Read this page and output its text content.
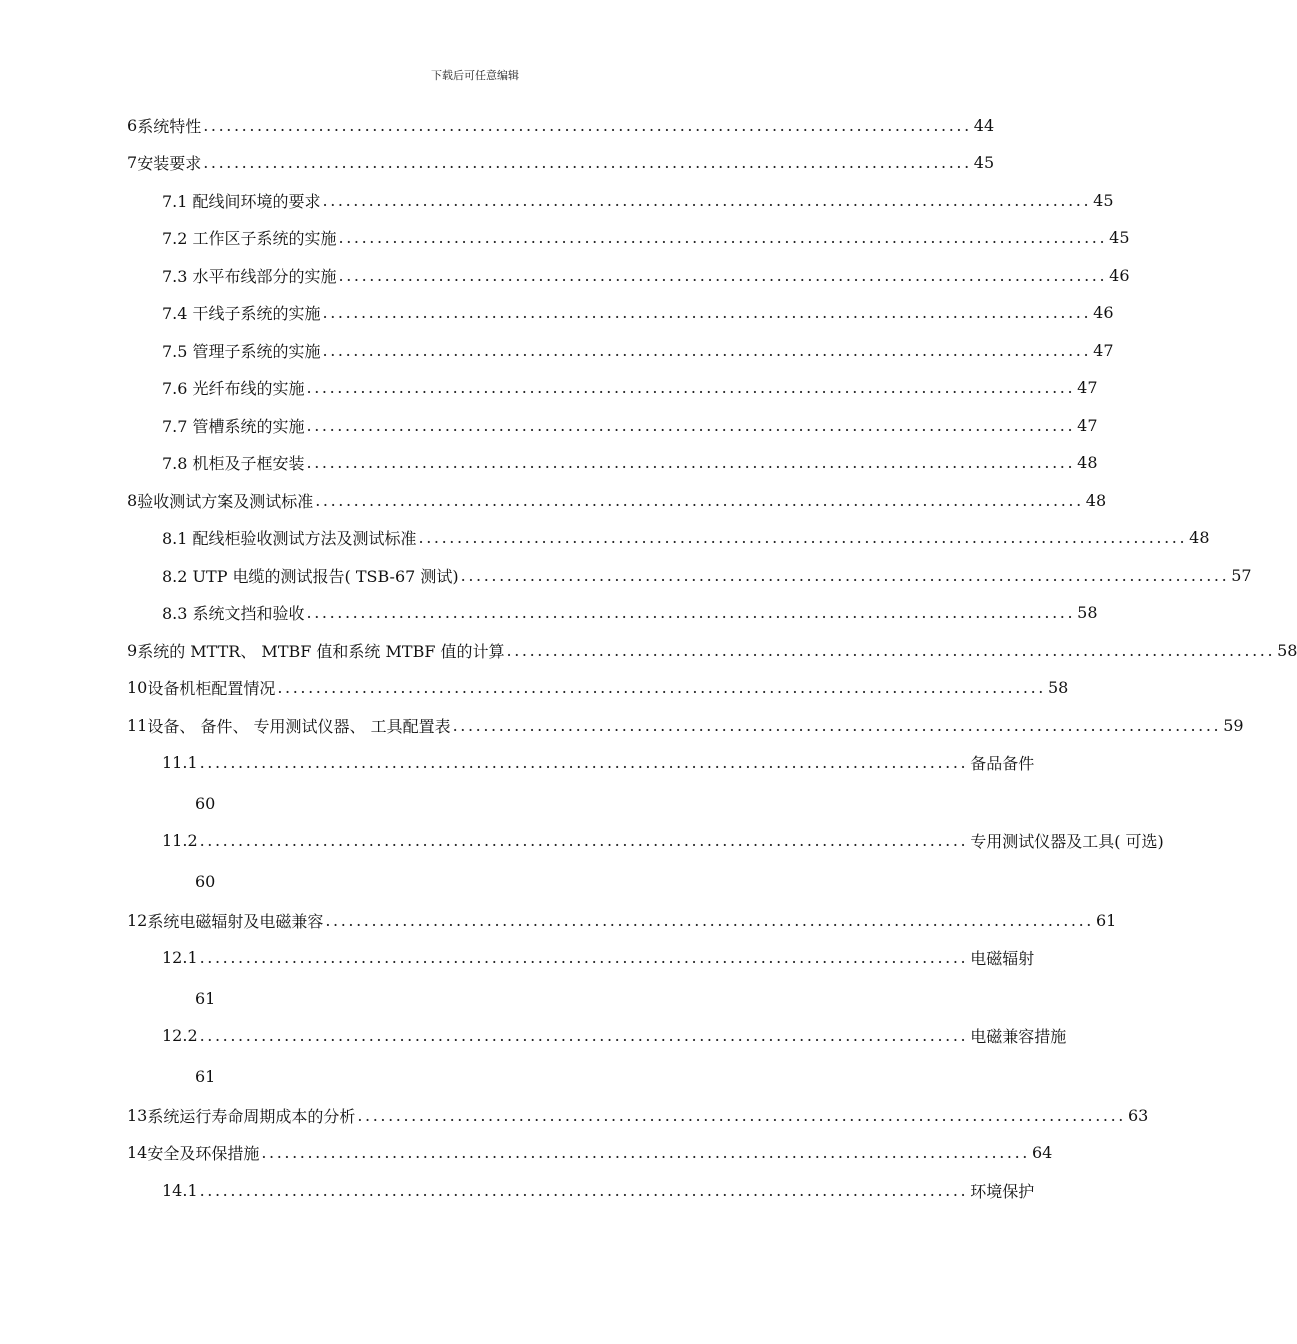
下载后可任意编辑
6 系统特性 .................................................................................................... 44
7 安装要求 .................................................................................................... 45
7.1 配线间环境的要求 .................................................................................................... 45
7.2 工作区子系统的实施 .................................................................................................... 45
7.3 水平布线部分的实施 .................................................................................................... 46
7.4 干线子系统的实施 .................................................................................................... 46
7.5 管理子系统的实施 .................................................................................................... 47
7.6 光纤布线的实施 .................................................................................................... 47
7.7 管槽系统的实施 .................................................................................................... 47
7.8 机柜及子框安装 .................................................................................................... 48
8 验收测试方案及测试标准 .................................................................................................... 48
8.1 配线柜验收测试方法及测试标准 .................................................................................................... 48
8.2 UTP 电缆的测试报告( TSB-67 测试) .................................................................................................... 57
8.3 系统文挡和验收 .................................................................................................... 58
9 系统的 MTTR、 MTBF 值和系统 MTBF 值的计算 .................................................................................................... 58
10 设备机柜配置情况 .................................................................................................... 58
11 设备、 备件、 专用测试仪器、 工具配置表 .................................................................................................... 59
11.1 .................................................................................................... 备品备件
60
11.2 .................................................................................................... 专用测试仪器及工具( 可选)
60
12 系统电磁辐射及电磁兼容 .................................................................................................... 61
12.1 .................................................................................................... 电磁辐射
61
12.2 .................................................................................................... 电磁兼容措施
61
13 系统运行寿命周期成本的分析 .................................................................................................... 63
14 安全及环保措施 .................................................................................................... 64
14.1 .................................................................................................... 环境保护
